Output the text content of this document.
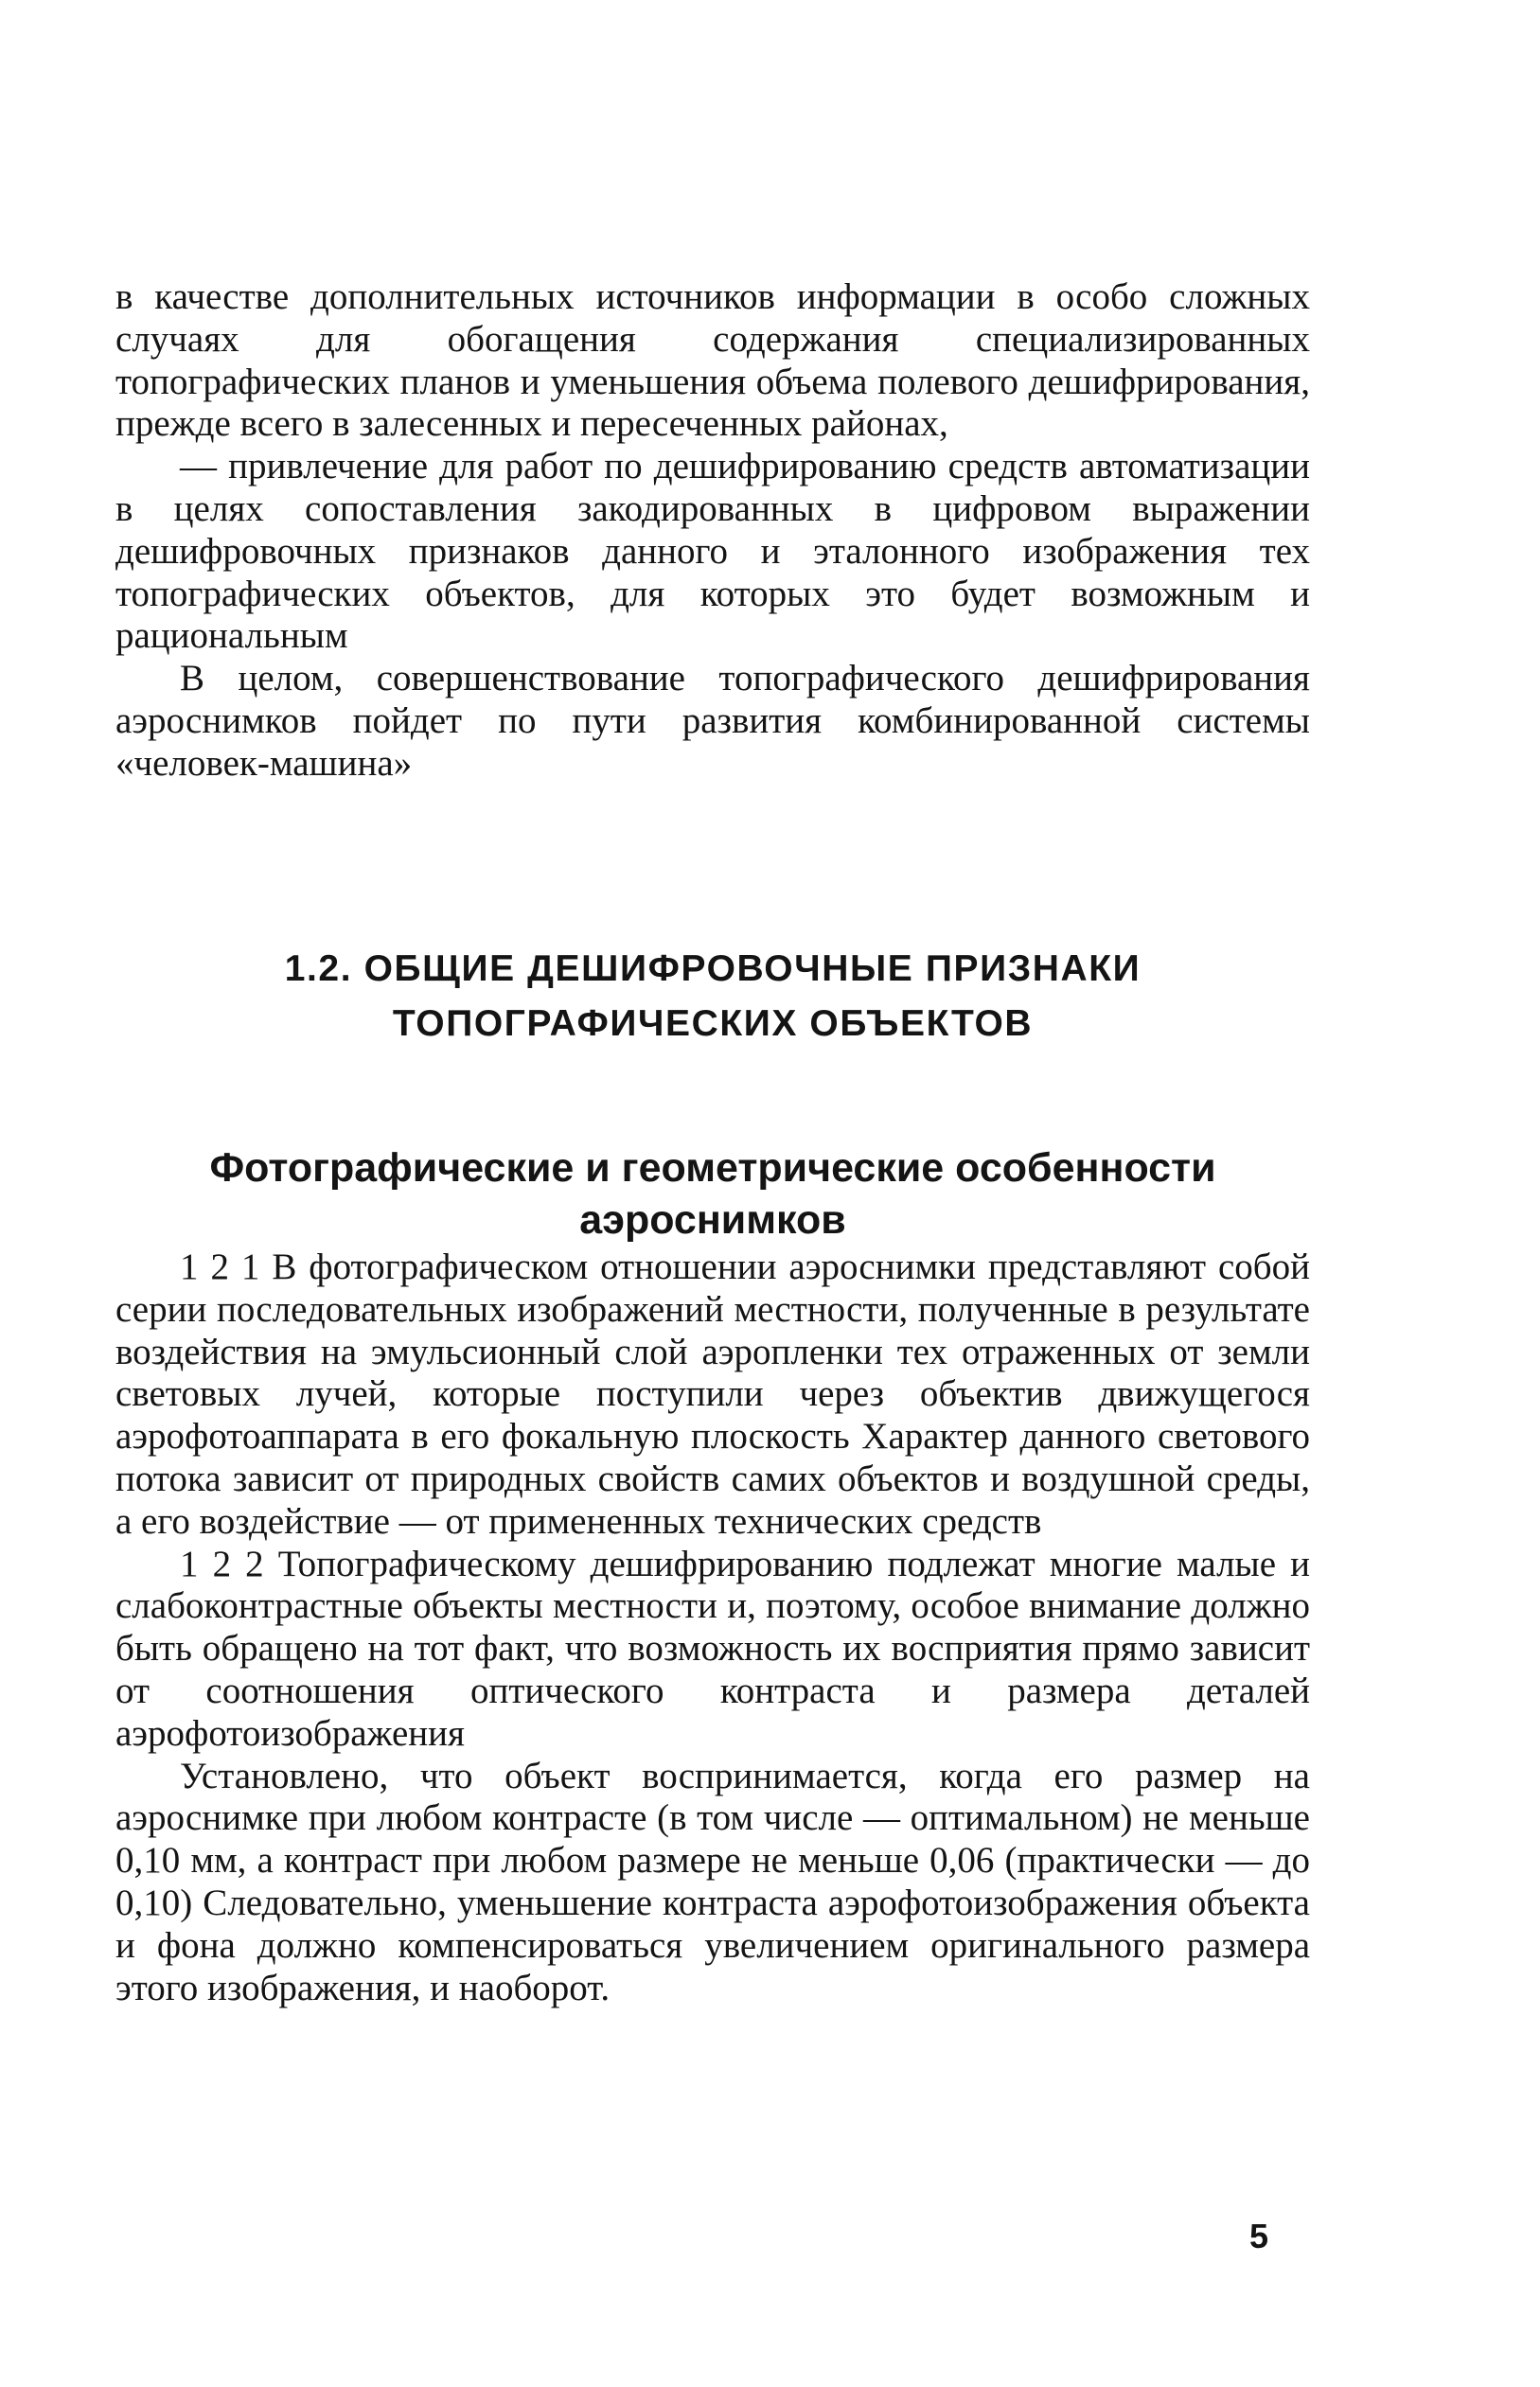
в качестве дополнительных источников информации в особо сложных случаях для обогащения содержания специализированных топографических планов и уменьшения объема полевого дешифрирования, прежде всего в залесенных и пересеченных районах,

— привлечение для работ по дешифрированию средств автоматизации в целях сопоставления закодированных в цифровом выражении дешифровочных признаков данного и эталонного изображения тех топографических объектов, для которых это будет возможным и рациональным

В целом, совершенствование топографического дешифрирования аэроснимков пойдет по пути развития комбинированной системы «человек-машина»

1.2. ОБЩИЕ ДЕШИФРОВОЧНЫЕ ПРИЗНАКИ
ТОПОГРАФИЧЕСКИХ ОБЪЕКТОВ
Фотографические и геометрические особенности
аэроснимков

1 2 1 В фотографическом отношении аэроснимки представляют собой серии последовательных изображений местности, полученные в результате воздействия на эмульсионный слой аэропленки тех отраженных от земли световых лучей, которые поступили через объектив движущегося аэрофотоаппарата в его фокальную плоскость Характер данного светового потока зависит от природных свойств самих объектов и воздушной среды, а его воздействие — от примененных технических средств

1 2 2 Топографическому дешифрированию подлежат многие малые и слабоконтрастные объекты местности и, поэтому, особое внимание должно быть обращено на тот факт, что возможность их восприятия прямо зависит от соотношения оптического контраста и размера деталей аэрофотоизображения

Установлено, что объект воспринимается, когда его размер на аэроснимке при любом контрасте (в том числе — оптимальном) не меньше 0,10 мм, а контраст при любом размере не меньше 0,06 (практически — до 0,10) Следовательно, уменьшение контраста аэрофотоизображения объекта и фона должно компенсироваться увеличением оригинального размера этого изображения, и наоборот.

5
